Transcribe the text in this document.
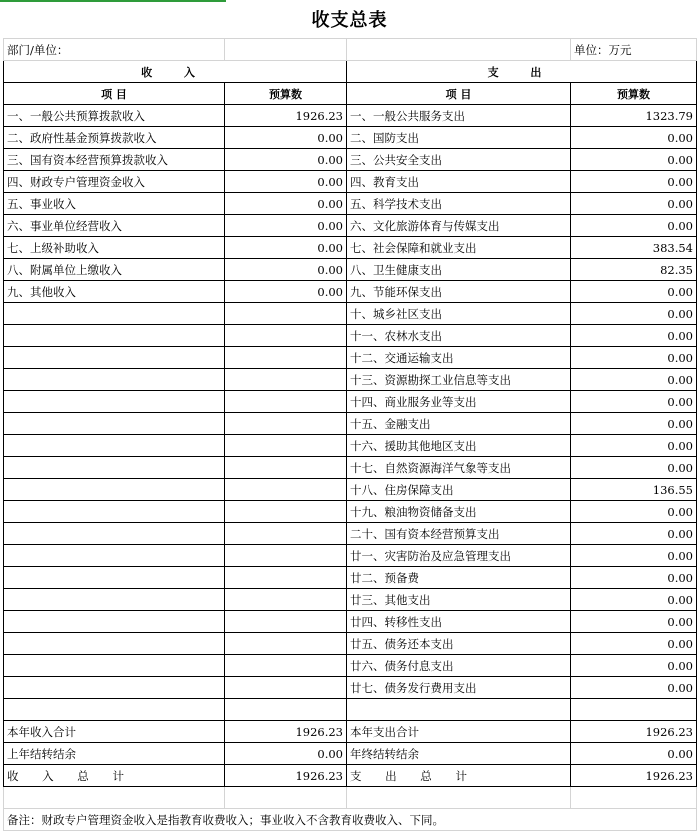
收支总表
部门/单位：			单位：万元
收 入		支 出	
项 目	预算数	项 目	预算数
一、一般公共预算拨款收入	1926.23	一、一般公共服务支出	1323.79
二、政府性基金预算拨款收入	0.00	二、国防支出	0.00
三、国有资本经营预算拨款收入	0.00	三、公共安全支出	0.00
四、财政专户管理资金收入	0.00	四、教育支出	0.00
五、事业收入	0.00	五、科学技术支出	0.00
六、事业单位经营收入	0.00	六、文化旅游体育与传媒支出	0.00
七、上级补助收入	0.00	七、社会保障和就业支出	383.54
八、附属单位上缴收入	0.00	八、卫生健康支出	82.35
九、其他收入	0.00	九、节能环保支出	0.00
		十、城乡社区支出	0.00
		十一、农林水支出	0.00
		十二、交通运输支出	0.00
		十三、资源勘探工业信息等支出	0.00
		十四、商业服务业等支出	0.00
		十五、金融支出	0.00
		十六、援助其他地区支出	0.00
		十七、自然资源海洋气象等支出	0.00
		十八、住房保障支出	136.55
		十九、粮油物资储备支出	0.00
		二十、国有资本经营预算支出	0.00
		廿一、灾害防治及应急管理支出	0.00
		廿二、预备费	0.00
		廿三、其他支出	0.00
		廿四、转移性支出	0.00
		廿五、债务还本支出	0.00
		廿六、债务付息支出	0.00
		廿七、债务发行费用支出	0.00

本年收入合计	1926.23	本年支出合计	1926.23
上年结转结余	0.00	年终结转结余	0.00
收 入 总 计	1926.23	支 出 总 计	1926.23

备注：财政专户管理资金收入是指教育收费收入；事业收入不含教育收费收入、下同。			
